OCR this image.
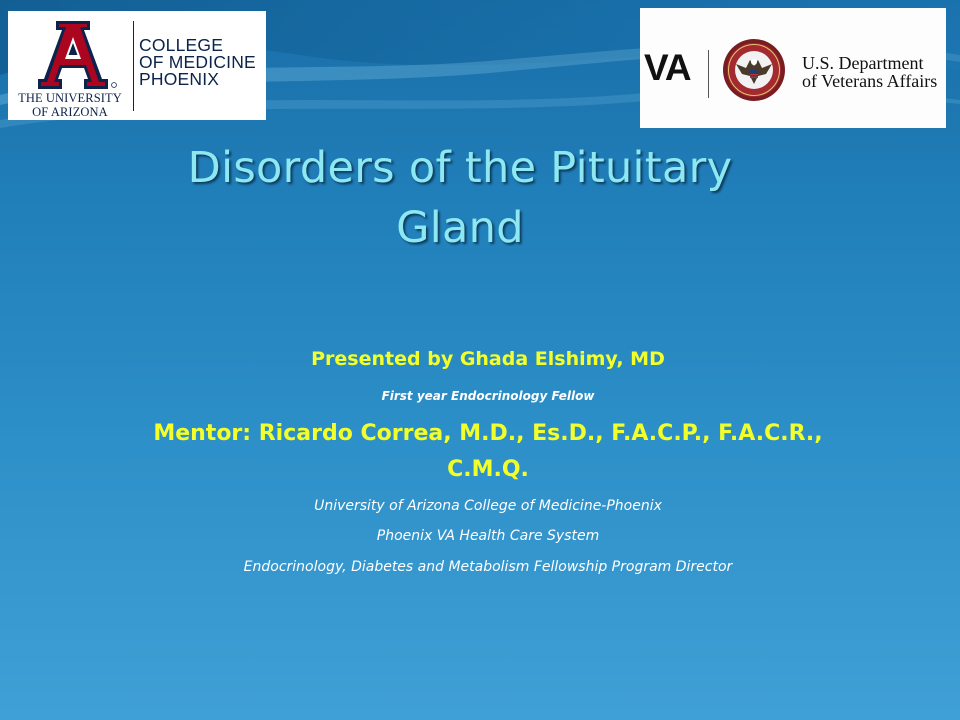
THE UNIVERSITY OF ARIZONA
COLLEGE
OF MEDICINE
PHOENIX	VA	U.S. Department
of Veterans Affairs
Disorders of the Pituitary
Gland
Presented by Ghada Elshimy, MD
First year Endocrinology Fellow
Mentor: Ricardo Correa, M.D., Es.D., F.A.C.P., F.A.C.R., C.M.Q.
University of Arizona College of Medicine-Phoenix
Phoenix VA Health Care System
Endocrinology, Diabetes and Metabolism Fellowship Program Director
